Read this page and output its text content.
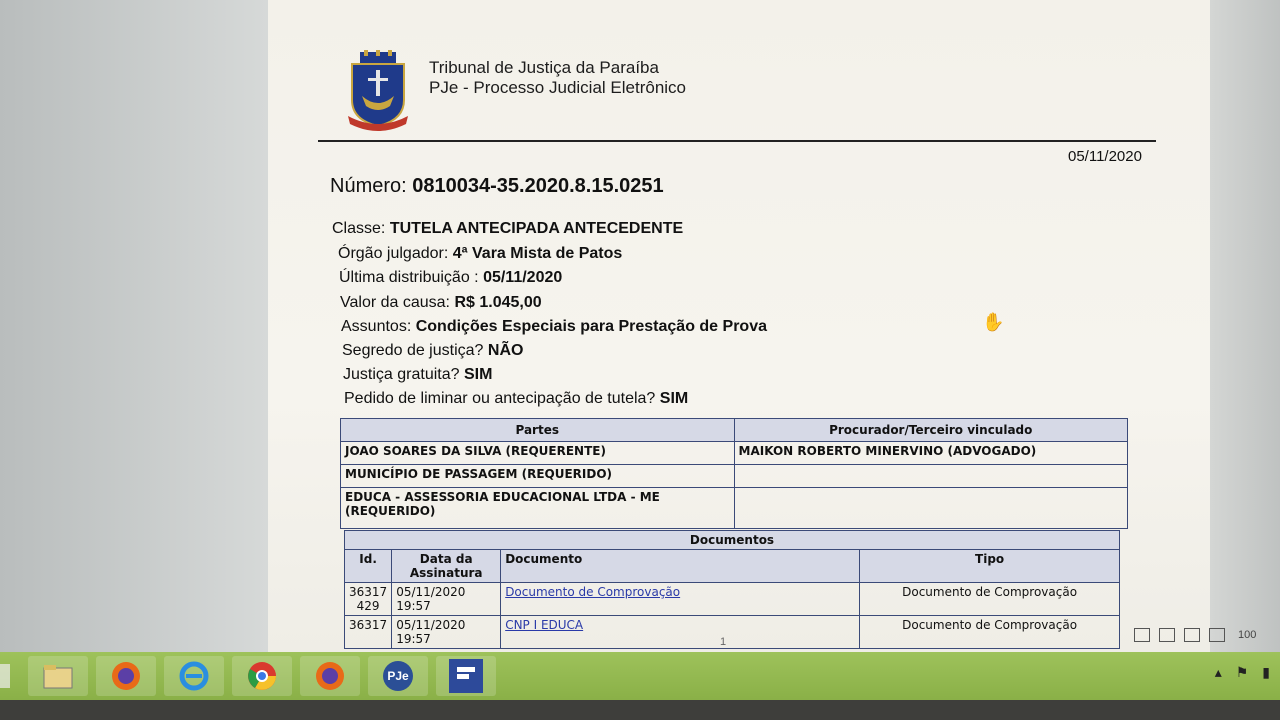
Tribunal de Justiça da Paraíba
PJe - Processo Judicial Eletrônico
05/11/2020
Número: 0810034-35.2020.8.15.0251
Classe: TUTELA ANTECIPADA ANTECEDENTE
Órgão julgador: 4ª Vara Mista de Patos
Última distribuição : 05/11/2020
Valor da causa: R$ 1.045,00
Assuntos: Condições Especiais para Prestação de Prova
Segredo de justiça? NÃO
Justiça gratuita? SIM
Pedido de liminar ou antecipação de tutela? SIM
Partes	Procurador/Terceiro vinculado
JOAO SOARES DA SILVA (REQUERENTE)	MAIKON ROBERTO MINERVINO (ADVOGADO)
MUNICÍPIO DE PASSAGEM (REQUERIDO)	
EDUCA - ASSESSORIA EDUCACIONAL LTDA - ME (REQUERIDO)	
Documentos			
Id.	Data da Assinatura	Documento	Tipo
36317 429	05/11/2020 19:57	Documento de Comprovação	Documento de Comprovação
36317	05/11/2020 19:57	CNP I EDUCA	Documento de Comprovação
1
✋
100
PJe	▴ ⚑ ▮
